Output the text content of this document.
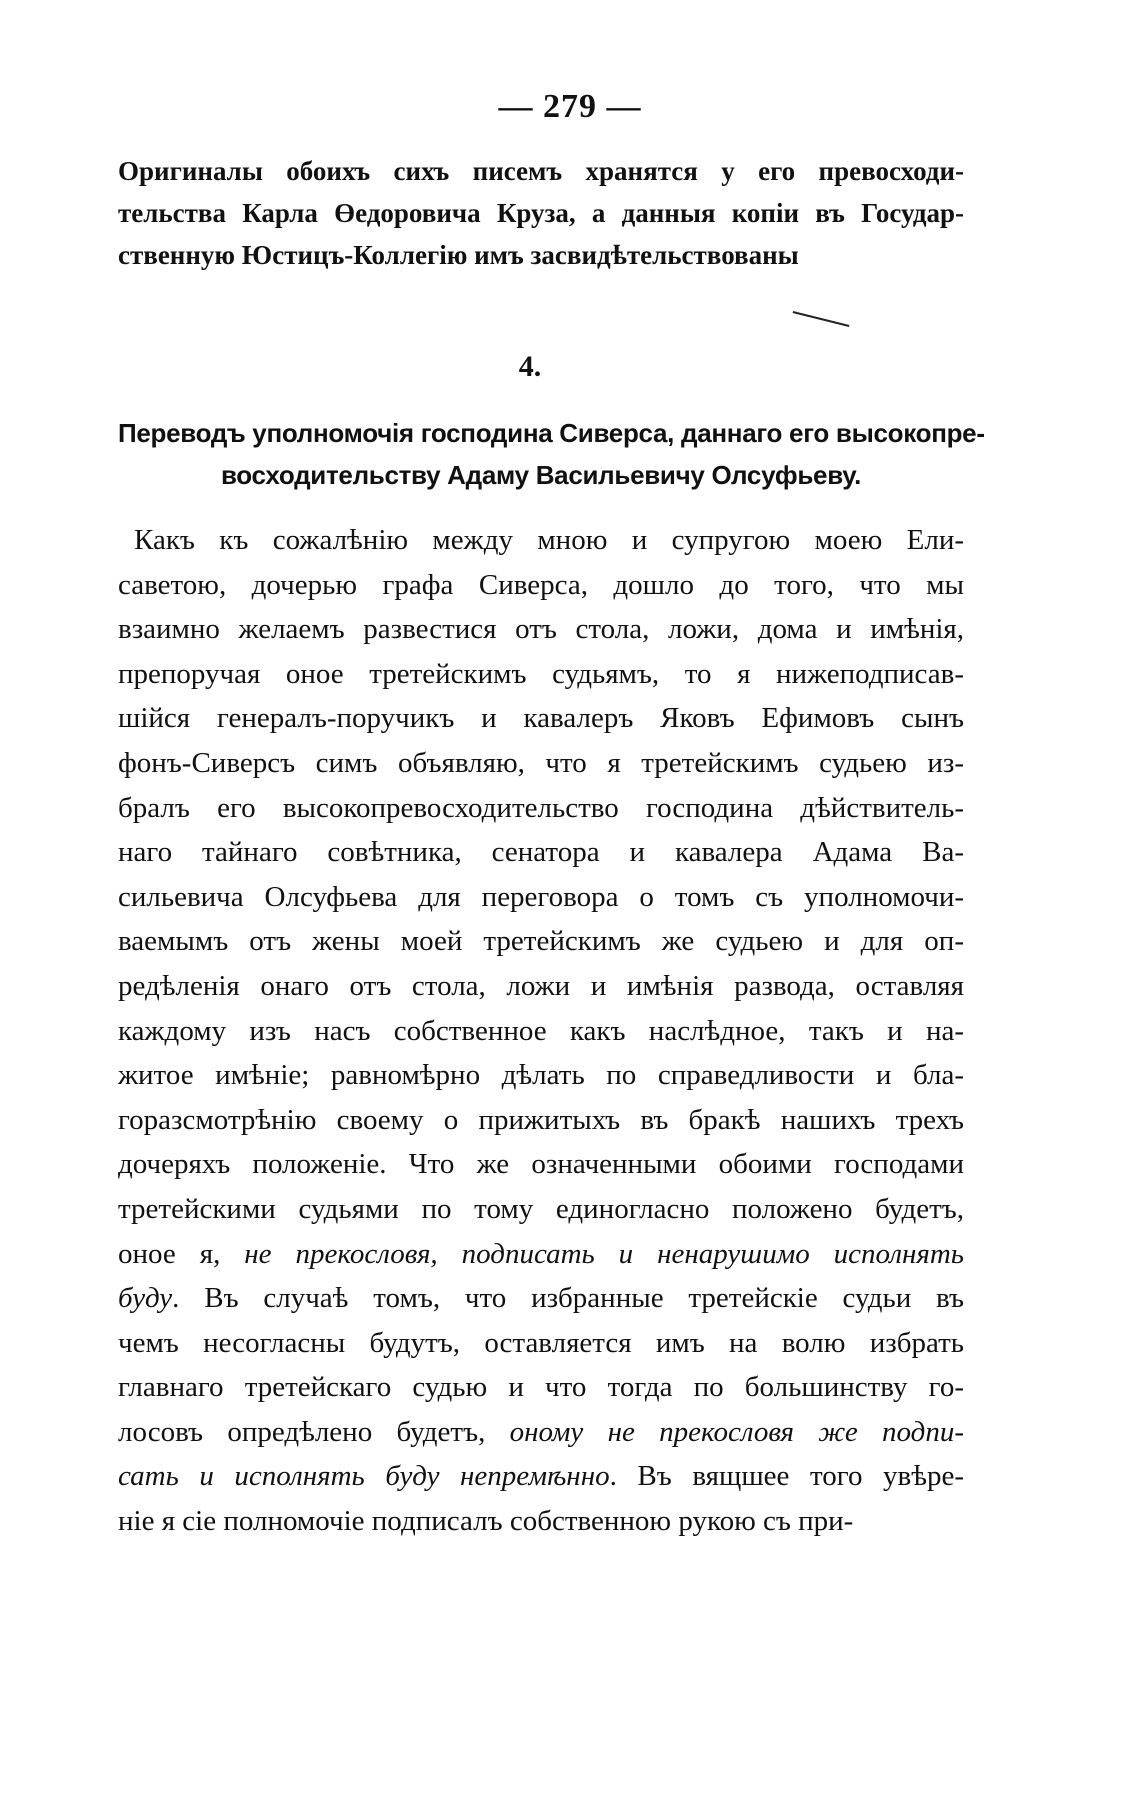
— 279 —
Оригиналы обоихъ сихъ писемъ хранятся у его превосходи-
тельства Карла Өедоровича Круза, а данныя копіи въ Государ-
ственную Юстицъ-Коллегію имъ засвидѣтельствованы
4.
Переводъ уполномочія господина Сиверса, даннаго его высокопре-
восходительству Адаму Васильевичу Олсуфьеву.
Какъ къ сожалѣнію между мною и супругою моею Ели-
саветою, дочерью графа Сиверса, дошло до того, что мы
взаимно желаемъ развестися отъ стола, ложи, дома и имѣнія,
препоручая оное третейскимъ судьямъ, то я нижеподписав-
шійся генералъ-поручикъ и кавалеръ Яковъ Ефимовъ сынъ
фонъ-Сиверсъ симъ объявляю, что я третейскимъ судьею из-
бралъ его высокопревосходительство господина дѣйствитель-
наго тайнаго совѣтника, сенатора и кавалера Адама Ва-
сильевича Олсуфьева для переговора о томъ съ уполномочи-
ваемымъ отъ жены моей третейскимъ же судьею и для оп-
редѣленія онаго отъ стола, ложи и имѣнія развода, оставляя
каждому изъ насъ собственное какъ наслѣдное, такъ и на-
житое имѣніе; равномѣрно дѣлать по справедливости и бла-
горазсмотрѣнію своему о прижитыхъ въ бракѣ нашихъ трехъ
дочеряхъ положеніе. Что же означенными обоими господами
третейскими судьями по тому единогласно положено будетъ,
оное я, не прекословя, подписать и ненарушимо исполнять
буду. Въ случаѣ томъ, что избранные третейскіе судьи въ
чемъ несогласны будутъ, оставляется имъ на волю избрать
главнаго третейскаго судью и что тогда по большинству го-
лосовъ опредѣлено будетъ, оному не прекословя же подпи-
сать и исполнять буду непремѣнно. Въ вящшее того увѣре-
ніе я сіе полномочіе подписалъ собственною рукою съ при-
